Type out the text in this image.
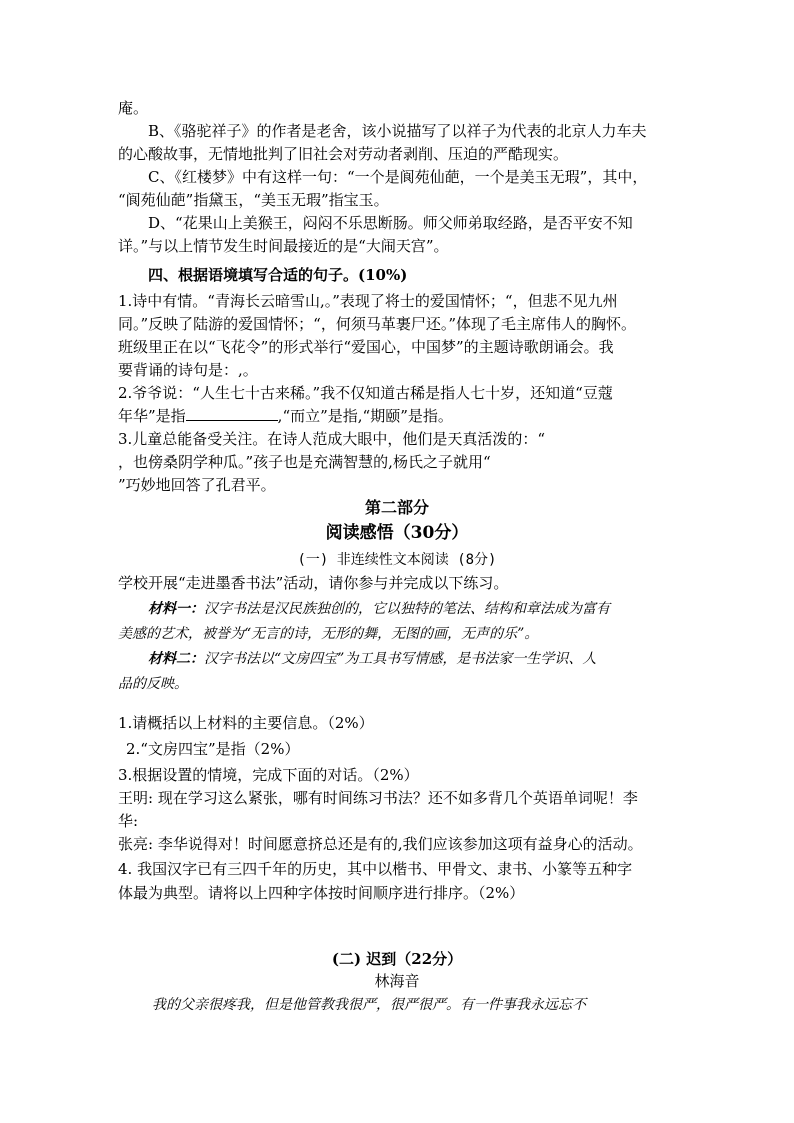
庵。
B、《骆驼祥子》的作者是老舍，该小说描写了以祥子为代表的北京人力车夫
的心酸故事，无情地批判了旧社会对劳动者剥削、压迫的严酷现实。
C、《红楼梦》中有这样一句：“一个是阆苑仙葩，一个是美玉无瑕”，其中，
“阆苑仙葩”指黛玉，“美玉无瑕”指宝玉。
D、“花果山上美猴王，闷闷不乐思断肠。师父师弟取经路，是否平安不知
详。”与以上情节发生时间最接近的是“大闹天宫”。
四、根据语境填写合适的句子。(10%)
1.诗中有情。“青海长云暗雪山,。”表现了将士的爱国情怀；“，但悲不见九州
同。”反映了陆游的爱国情怀；“，何须马革裹尸还。”体现了毛主席伟人的胸怀。
班级里正在以“飞花令”的形式举行“爱国心，中国梦”的主题诗歌朗诵会。我
要背诵的诗句是：,。
2.爷爷说：“人生七十古来稀。”我不仅知道古稀是指人七十岁，还知道“豆蔻
年华”是指	,“而立”是指,“期颐”是指。
3.儿童总能备受关注。在诗人范成大眼中，他们是天真活泼的：“
，也傍桑阴学种瓜。”孩子也是充满智慧的,杨氏之子就用“
”巧妙地回答了孔君平。
第二部分
阅读感悟（30分）
(一) 非连续性文本阅读 (8分)
学校开展“走进墨香书法”活动，请你参与并完成以下练习。
材料一：汉字书法是汉民族独创的，它以独特的笔法、结构和章法成为富有
美感的艺术，被誉为“无言的诗，无形的舞，无图的画，无声的乐”。
材料二：汉字书法以“文房四宝”为工具书写情感，是书法家一生学识、人
品的反映。
1.请概括以上材料的主要信息。（2%）
2.“文房四宝”是指（2%）
3.根据设置的情境，完成下面的对话。（2%）
王明: 现在学习这么紧张，哪有时间练习书法？还不如多背几个英语单词呢！李
华:
张亮: 李华说得对！时间愿意挤总还是有的,我们应该参加这项有益身心的活动。
4. 我国汉字已有三四千年的历史，其中以楷书、甲骨文、隶书、小篆等五种字
体最为典型。请将以上四种字体按时间顺序进行排序。（2%）
(二) 迟到（22分）
林海音
我的父亲很疼我，但是他管教我很严，很严很严。有一件事我永远忘不
